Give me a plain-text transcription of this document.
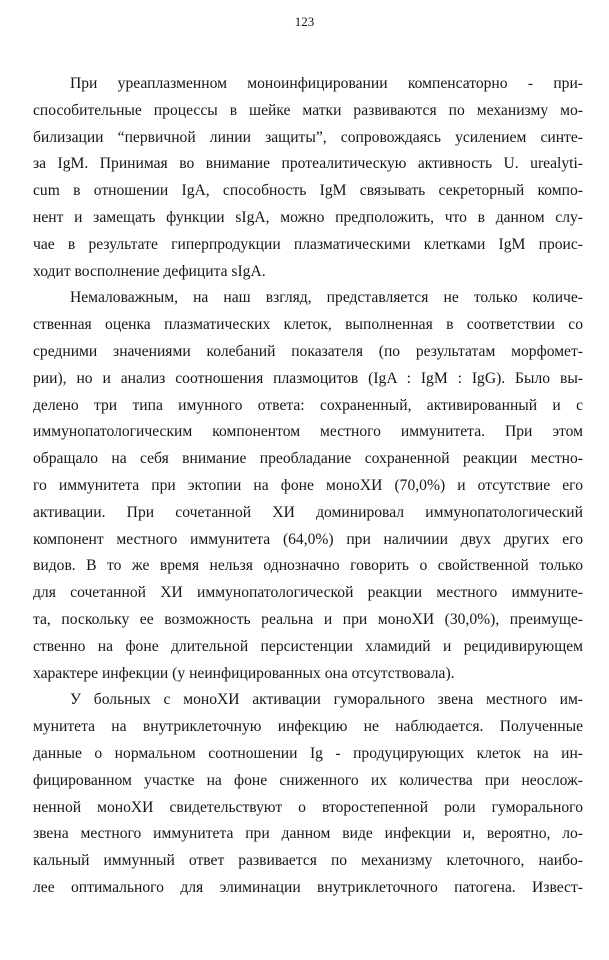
123
При уреаплазменном моноинфицировании компенсаторно - при-
способительные процессы в шейке матки развиваются по механизму мо-
билизации “первичной линии защиты”, сопровождаясь усилением синте-
за IgM. Принимая во внимание протеалитическую активность U. urealyti-
cum в отношении IgA, способность IgM связывать секреторный компо-
нент и замещать функции sIgA, можно предположить, что в данном слу-
чае в результате гиперпродукции плазматическими клетками IgM проис-
ходит восполнение дефицита sIgA.
Немаловажным, на наш взгляд, представляется не только количе-
ственная оценка плазматических клеток, выполненная в соответствии со
средними значениями колебаний показателя (по результатам морфомет-
рии), но и анализ соотношения плазмоцитов (IgA : IgM : IgG). Было вы-
делено три типа имунного ответа: сохраненный, активированный и с
иммунопатологическим компонентом местного иммунитета. При этом
обращало на себя внимание преобладание сохраненной реакции местно-
го иммунитета при эктопии на фоне моноХИ (70,0%) и отсутствие его
активации. При сочетанной ХИ доминировал иммунопатологический
компонент местного иммунитета (64,0%) при наличиии двух других его
видов. В то же время нельзя однозначно говорить о свойственной только
для сочетанной ХИ иммунопатологической реакции местного иммуните-
та, поскольку ее возможность реальна и при моноХИ (30,0%), преимуще-
ственно на фоне длительной персистенции хламидий и рецидивирующем
характере инфекции (у неинфицированных она отсутствовала).
У больных с моноХИ активации гуморального звена местного им-
мунитета на внутриклеточную инфекцию не наблюдается. Полученные
данные о нормальном соотношении Ig - продуцирующих клеток на ин-
фицированном участке на фоне сниженного их количества при неослож-
ненной моноХИ свидетельствуют о второстепенной роли гуморального
звена местного иммунитета при данном виде инфекции и, вероятно, ло-
кальный иммунный ответ развивается по механизму клеточного, наибо-
лее оптимального для элиминации внутриклеточного патогена. Извест-
